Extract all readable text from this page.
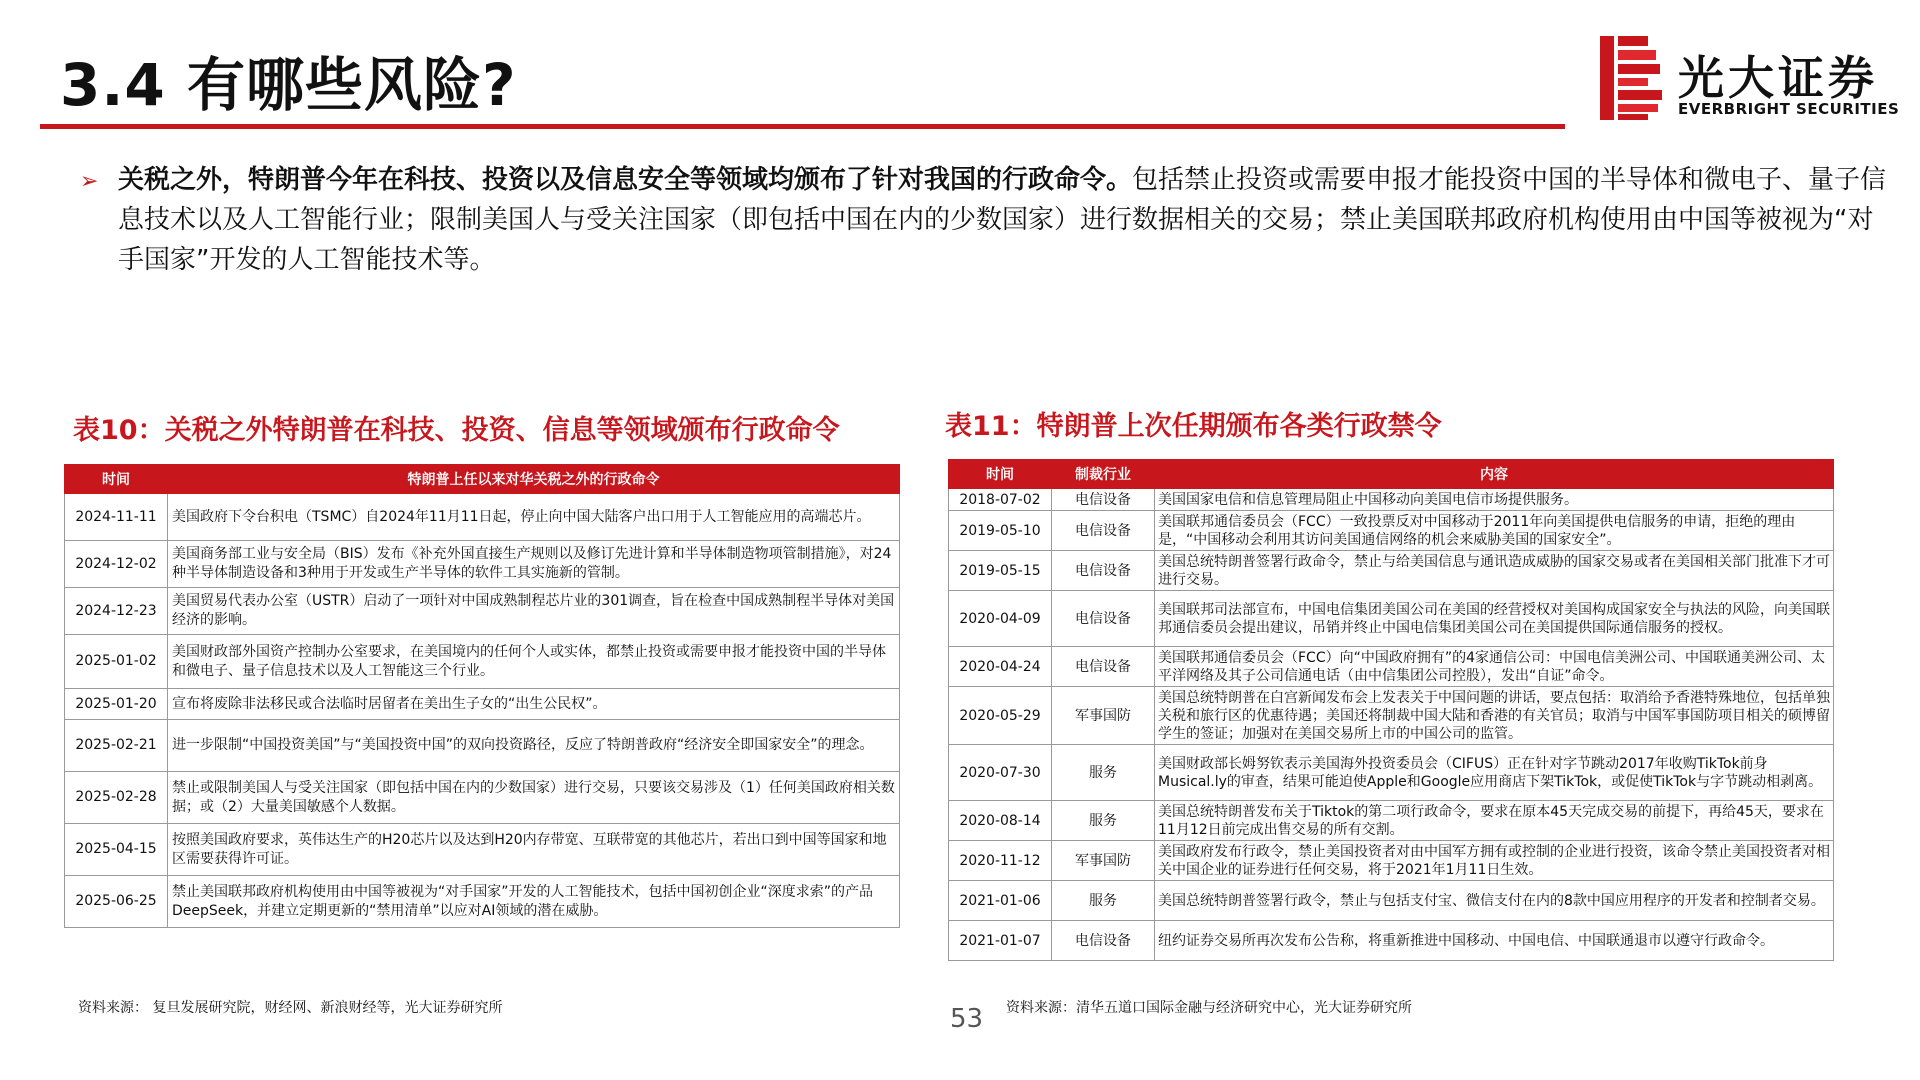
3.4 有哪些风险?	光大证券
EVERBRIGHT SECURITIES
➢ 关税之外，特朗普今年在科技、投资以及信息安全等领域均颁布了针对我国的行政命令。包括禁止投资或需要申报才能投资中国的半导体和微电子、量子信息技术以及人工智能行业；限制美国人与受关注国家（即包括中国在内的少数国家）进行数据相关的交易；禁止美国联邦政府机构使用由中国等被视为“对手国家”开发的人工智能技术等。
表10：关税之外特朗普在科技、投资、信息等领域颁布行政命令
时间	特朗普上任以来对华关税之外的行政命令
2024-11-11	美国政府下令台积电（TSMC）自2024年11月11日起，停止向中国大陆客户出口用于人工智能应用的高端芯片。
2024-12-02	美国商务部工业与安全局（BIS）发布《补充外国直接生产规则以及修订先进计算和半导体制造物项管制措施》，对24种半导体制造设备和3种用于开发或生产半导体的软件工具实施新的管制。
2024-12-23	美国贸易代表办公室（USTR）启动了一项针对中国成熟制程芯片业的301调查，旨在检查中国成熟制程半导体对美国经济的影响。
2025-01-02	美国财政部外国资产控制办公室要求，在美国境内的任何个人或实体，都禁止投资或需要申报才能投资中国的半导体和微电子、量子信息技术以及人工智能这三个行业。
2025-01-20	宣布将废除非法移民或合法临时居留者在美出生子女的“出生公民权”。
2025-02-21	进一步限制“中国投资美国”与“美国投资中国”的双向投资路径，反应了特朗普政府“经济安全即国家安全”的理念。
2025-02-28	禁止或限制美国人与受关注国家（即包括中国在内的少数国家）进行交易，只要该交易涉及（1）任何美国政府相关数据；或（2）大量美国敏感个人数据。
2025-04-15	按照美国政府要求，英伟达生产的H20芯片以及达到H20内存带宽、互联带宽的其他芯片，若出口到中国等国家和地区需要获得许可证。
2025-06-25	禁止美国联邦政府机构使用由中国等被视为“对手国家”开发的人工智能技术，包括中国初创企业“深度求索”的产品DeepSeek，并建立定期更新的“禁用清单”以应对AI领域的潜在威胁。
资料来源： 复旦发展研究院，财经网、新浪财经等，光大证券研究所
表11：特朗普上次任期颁布各类行政禁令
时间	制裁行业	内容
2018-07-02	电信设备	美国国家电信和信息管理局阻止中国移动向美国电信市场提供服务。
2019-05-10	电信设备	美国联邦通信委员会（FCC）一致投票反对中国移动于2011年向美国提供电信服务的申请，拒绝的理由是，“中国移动会利用其访问美国通信网络的机会来威胁美国的国家安全”。
2019-05-15	电信设备	美国总统特朗普签署行政命令，禁止与给美国信息与通讯造成威胁的国家交易或者在美国相关部门批准下才可进行交易。
2020-04-09	电信设备	美国联邦司法部宣布，中国电信集团美国公司在美国的经营授权对美国构成国家安全与执法的风险，向美国联邦通信委员会提出建议，吊销并终止中国电信集团美国公司在美国提供国际通信服务的授权。
2020-04-24	电信设备	美国联邦通信委员会（FCC）向“中国政府拥有”的4家通信公司：中国电信美洲公司、中国联通美洲公司、太平洋网络及其子公司信通电话（由中信集团公司控股），发出“自证”命令。
2020-05-29	军事国防	美国总统特朗普在白宫新闻发布会上发表关于中国问题的讲话，要点包括：取消给予香港特殊地位，包括单独关税和旅行区的优惠待遇；美国还将制裁中国大陆和香港的有关官员；取消与中国军事国防项目相关的硕博留学生的签证；加强对在美国交易所上市的中国公司的监管。
2020-07-30	服务	美国财政部长姆努钦表示美国海外投资委员会（CIFUS）正在针对字节跳动2017年收购TikTok前身Musical.ly的审查，结果可能迫使Apple和Google应用商店下架TikTok，或促使TikTok与字节跳动相剥离。
2020-08-14	服务	美国总统特朗普发布关于Tiktok的第二项行政命令，要求在原本45天完成交易的前提下，再给45天，要求在11月12日前完成出售交易的所有交割。
2020-11-12	军事国防	美国政府发布行政令，禁止美国投资者对由中国军方拥有或控制的企业进行投资，该命令禁止美国投资者对相关中国企业的证券进行任何交易，将于2021年1月11日生效。
2021-01-06	服务	美国总统特朗普签署行政令，禁止与包括支付宝、微信支付在内的8款中国应用程序的开发者和控制者交易。
2021-01-07	电信设备	纽约证券交易所再次发布公告称，将重新推进中国移动、中国电信、中国联通退市以遵守行政命令。
资料来源：清华五道口国际金融与经济研究中心，光大证券研究所
53
